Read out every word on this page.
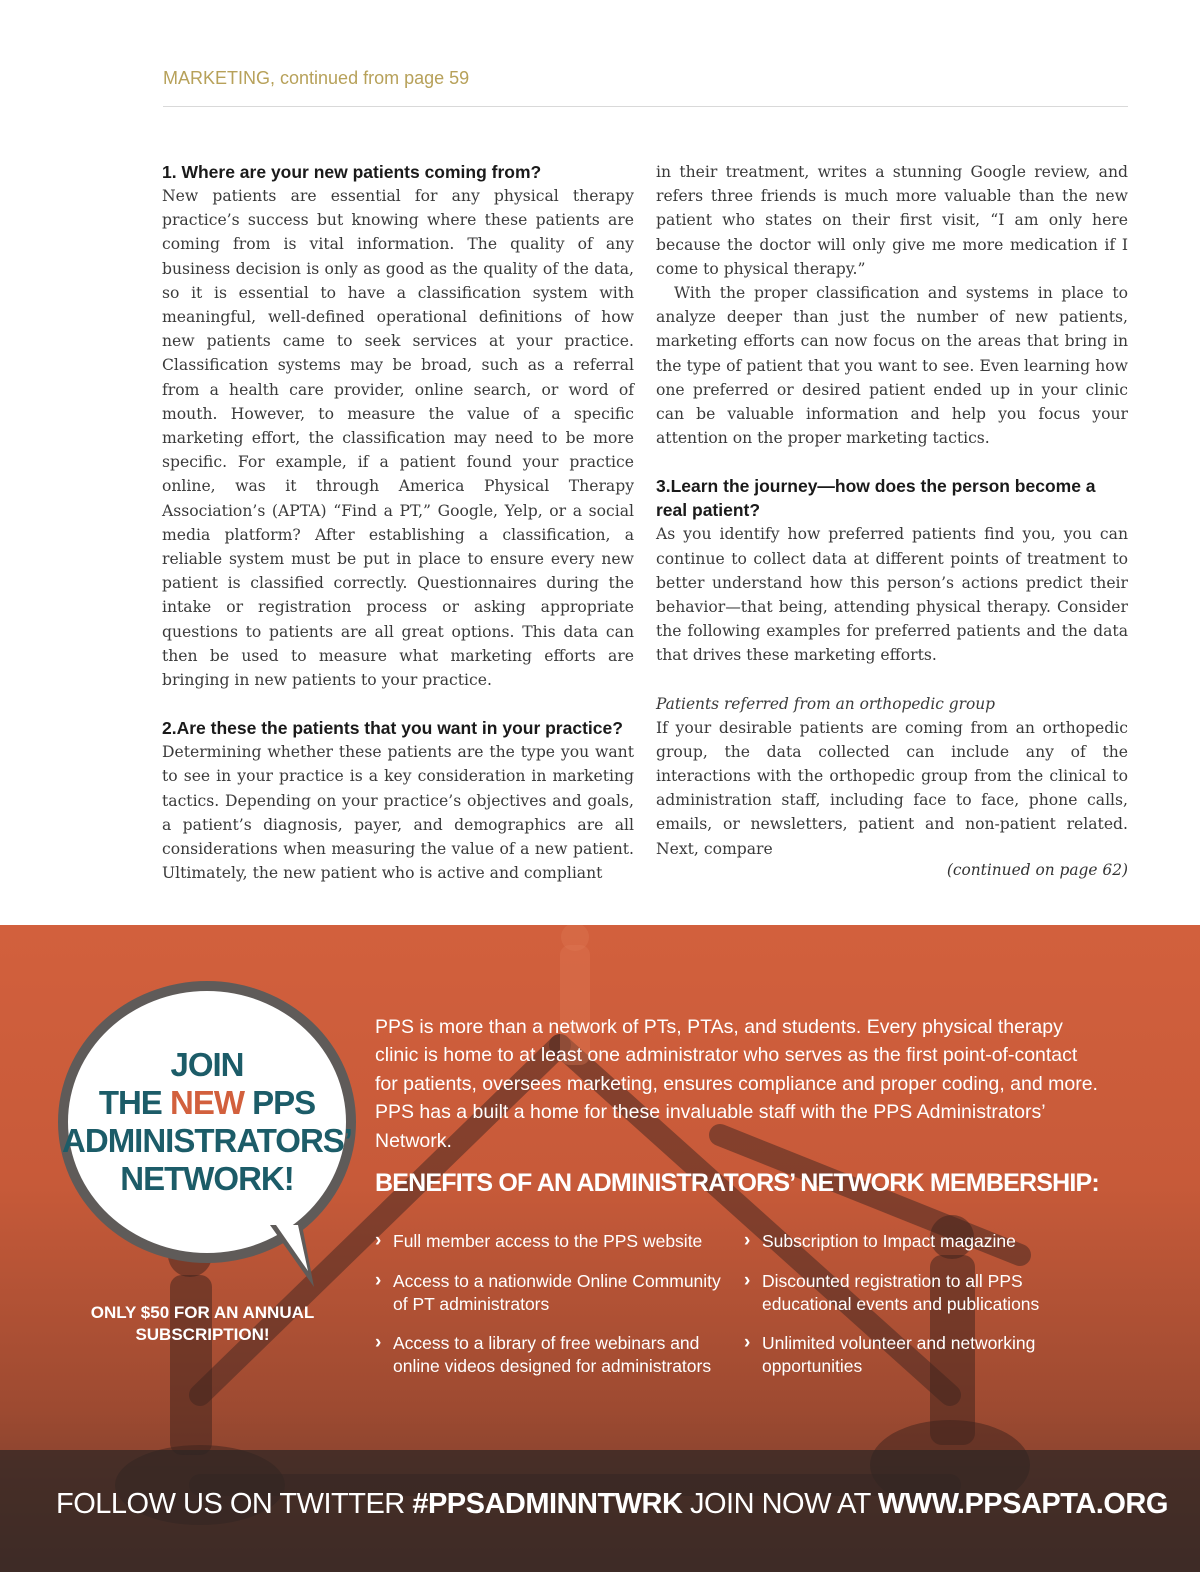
MARKETING, continued from page 59
1. Where are your new patients coming from?

New patients are essential for any physical therapy practice’s success but knowing where these patients are coming from is vital information. The quality of any business decision is only as good as the quality of the data, so it is essential to have a classification system with meaningful, well-defined operational definitions of how new patients came to seek services at your practice. Classification systems may be broad, such as a referral from a health care provider, online search, or word of mouth. However, to measure the value of a specific marketing effort, the classification may need to be more specific. For example, if a patient found your practice online, was it through America Physical Therapy Association’s (APTA) “Find a PT,” Google, Yelp, or a social media platform? After establishing a classification, a reliable system must be put in place to ensure every new patient is classified correctly. Questionnaires during the intake or registration process or asking appropriate questions to patients are all great options. This data can then be used to measure what marketing efforts are bringing in new patients to your practice.

2.Are these the patients that you want in your practice?

Determining whether these patients are the type you want to see in your practice is a key consideration in marketing tactics. Depending on your practice’s objectives and goals, a patient’s diagnosis, payer, and demographics are all considerations when measuring the value of a new patient. Ultimately, the new patient who is active and compliant

in their treatment, writes a stunning Google review, and refers three friends is much more valuable than the new patient who states on their first visit, “I am only here because the doctor will only give me more medication if I come to physical therapy.”

With the proper classification and systems in place to analyze deeper than just the number of new patients, marketing efforts can now focus on the areas that bring in the type of patient that you want to see. Even learning how one preferred or desired patient ended up in your clinic can be valuable information and help you focus your attention on the proper marketing tactics.

3.Learn the journey—how does the person become a real patient?

As you identify how preferred patients find you, you can continue to collect data at different points of treatment to better understand how this person’s actions predict their behavior—that being, attending physical therapy. Consider the following examples for preferred patients and the data that drives these marketing efforts.

Patients referred from an orthopedic group

If your desirable patients are coming from an orthopedic group, the data collected can include any of the interactions with the orthopedic group from the clinical to administration staff, including face to face, phone calls, emails, or newsletters, patient and non-patient related. Next, compare

(continued on page 62)
JOIN
THE NEW PPS
ADMINISTRATORS’
NETWORK!
ONLY $50 FOR AN ANNUAL SUBSCRIPTION!
PPS is more than a network of PTs, PTAs, and students. Every physical therapy clinic is home to at least one administrator who serves as the first point-of-contact for patients, oversees marketing, ensures compliance and proper coding, and more. PPS has a built a home for these invaluable staff with the PPS Administrators’ Network.
BENEFITS OF AN ADMINISTRATORS’ NETWORK MEMBERSHIP:
› Full member access to the PPS website	› Subscription to Impact magazine
› Access to a nationwide Online Community of PT administrators
› Discounted registration to all PPS educational events and publications
› Access to a library of free webinars and online videos designed for administrators
› Unlimited volunteer and networking opportunities
FOLLOW US ON TWITTER #PPSADMINNTWRK JOIN NOW AT WWW.PPSAPTA.ORG
